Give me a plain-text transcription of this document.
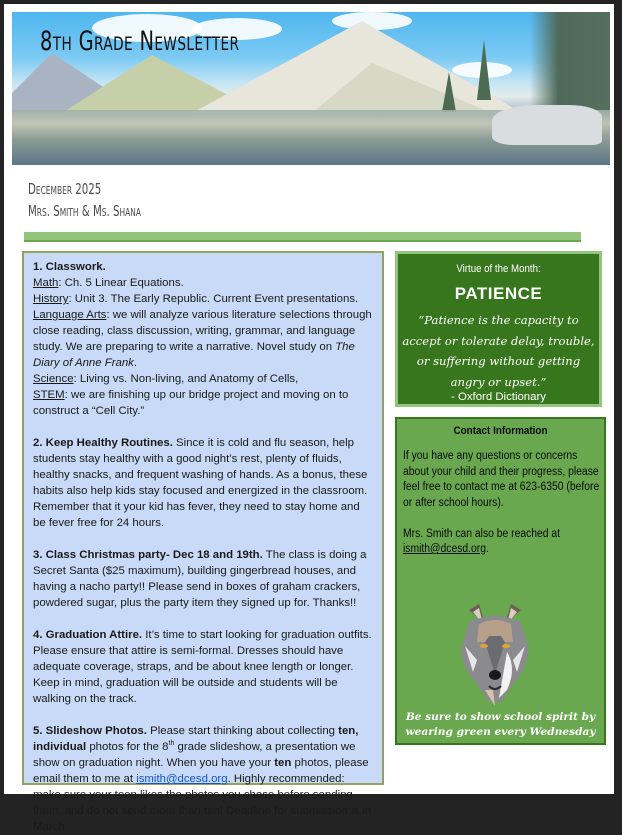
8th Grade Newsletter
December 2025
Mrs. Smith & Ms. Shana

1. Classwork.
Math: Ch. 5 Linear Equations.
History: Unit 3. The Early Republic. Current Event presentations.
Language Arts: we will analyze various literature selections through close reading, class discussion, writing, grammar, and language study. We are preparing to write a narrative. Novel study on The Diary of Anne Frank.
Science: Living vs. Non-living, and Anatomy of Cells,
STEM: we are finishing up our bridge project and moving on to construct a “Cell City.”

2. Keep Healthy Routines. Since it is cold and flu season, help students stay healthy with a good night’s rest, plenty of fluids, healthy snacks, and frequent washing of hands. As a bonus, these habits also help kids stay focused and energized in the classroom. Remember that it your kid has fever, they need to stay home and be fever free for 24 hours.

3. Class Christmas party- Dec 18 and 19th. The class is doing a Secret Santa ($25 maximum), building gingerbread houses, and having a nacho party!! Please send in boxes of graham crackers, powdered sugar, plus the party item they signed up for. Thanks!!

4. Graduation Attire. It’s time to start looking for graduation outfits. Please ensure that attire is semi-formal. Dresses should have adequate coverage, straps, and be about knee length or longer. Keep in mind, graduation will be outside and students will be walking on the track.

5. Slideshow Photos. Please start thinking about collecting ten, individual photos for the 8th grade slideshow, a presentation we show on graduation night. When you have your ten photos, please email them to me at ismith@dcesd.org. Highly recommended: make sure your teen likes the photos you chose before sending them, and do not send more than ten! Deadline for submission is in March.

Virtue of the Month:
PATIENCE
“Patience is the capacity to accept or tolerate delay, trouble, or suffering without getting angry or upset.”
- Oxford Dictionary
Contact Information

If you have any questions or concerns about your child and their progress, please feel free to contact me at 623-6350 (before or after school hours).

Mrs. Smith can also be reached at ismith@dcesd.org.

Be sure to show school spirit by
wearing green every Wednesday
